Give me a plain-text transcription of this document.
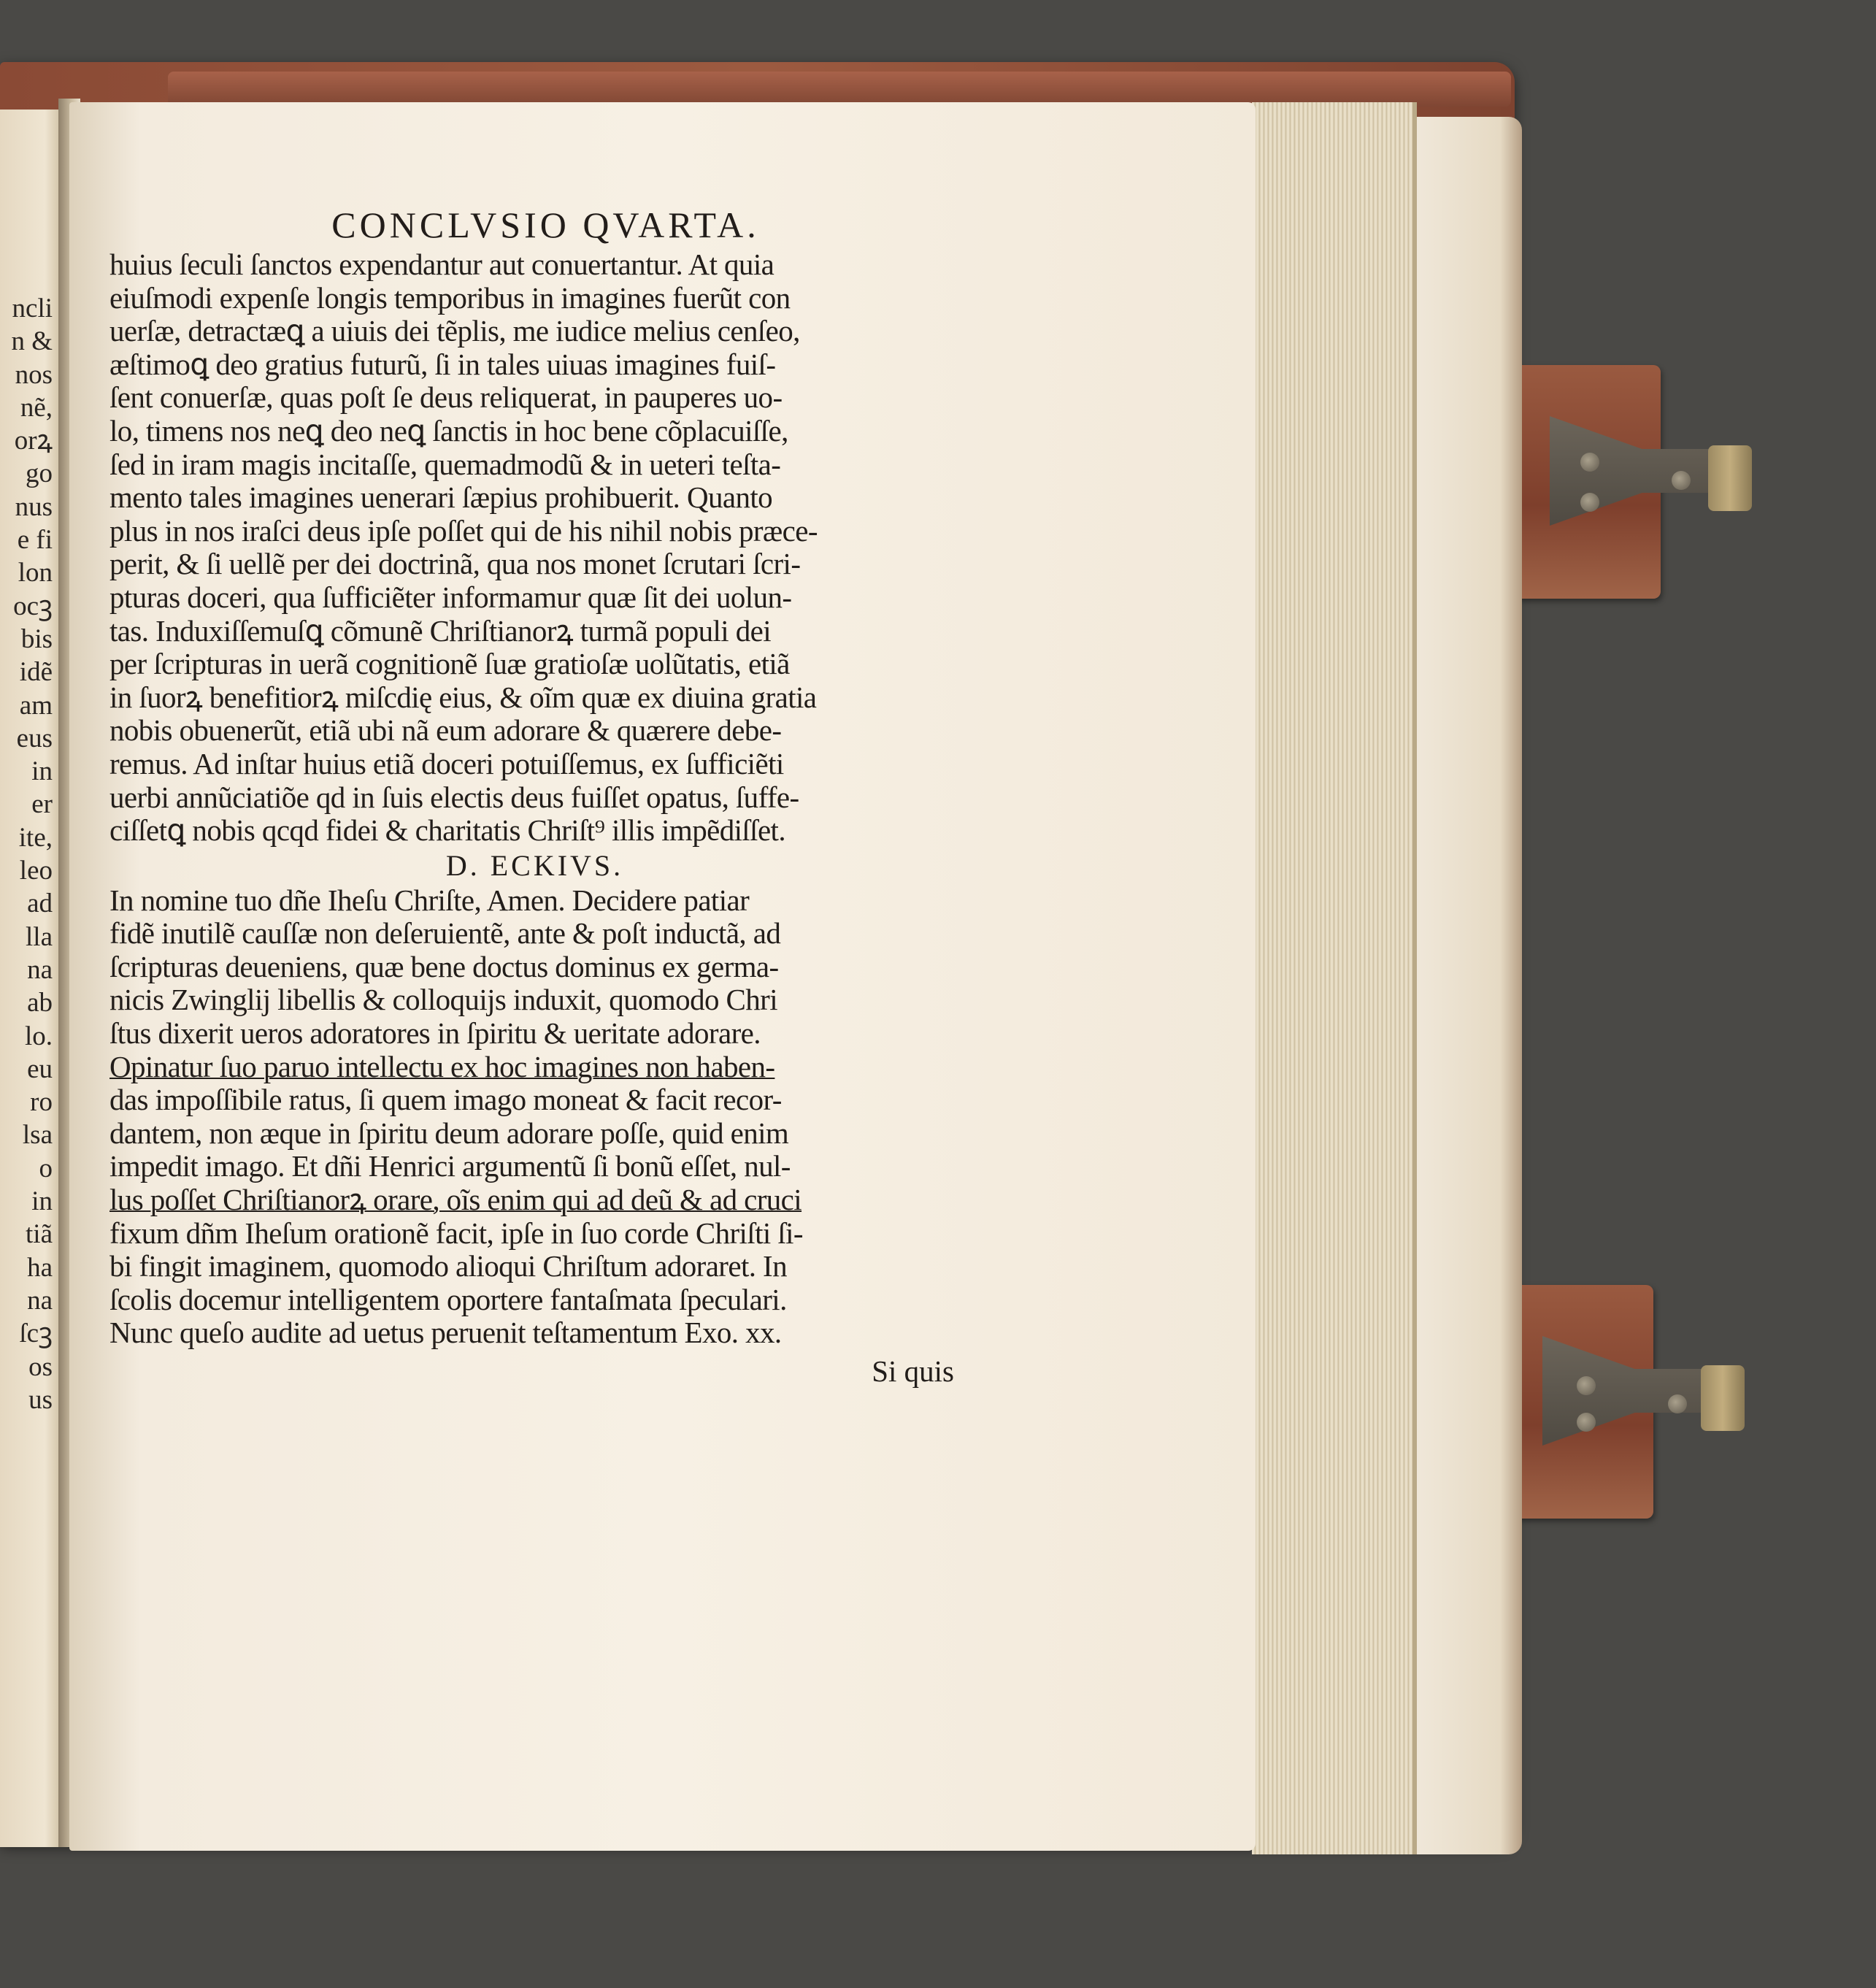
ncli
n &
nos
nẽ,
orꝝ
go
nus
e fi
lon
ocꝫ
bis
idẽ
am
eus
in
er
ite,
leo
ad
lla
na
ab
lo.
eu
ro
lsa
o
in
tiã
ha
na
ſcꝫ
os
us
CONCLVSIO QVARTA.
huius ſeculi ſanctos expendantur aut conuertantur. At quia
eiuſmodi expenſe longis temporibus in imagines fuerũt con
uerſæ, detractæꝗ a uiuis dei tẽplis, me iudice melius cenſeo,
æſtimoꝗ deo gratius futurũ, ſi in tales uiuas imagines fuiſ-
ſent conuerſæ, quas poſt ſe deus reliquerat, in pauperes uo-
lo, timens nos neꝗ deo neꝗ ſanctis in hoc bene cõplacuiſſe,
ſed in iram magis incitaſſe, quemadmodũ & in ueteri teſta-
mento tales imagines uenerari ſæpius prohibuerit. Quanto
plus in nos iraſci deus ipſe poſſet qui de his nihil nobis præce-
perit, & ſi uellẽ per dei doctrinã, qua nos monet ſcrutari ſcri-
pturas doceri, qua ſufficiẽter informamur quæ ſit dei uolun-
tas. Induxiſſemuſꝗ cõmunẽ Chriſtianorꝝ turmã populi dei
per ſcripturas in uerã cognitionẽ ſuæ gratioſæ uolũtatis, etiã
in ſuorꝝ benefitiorꝝ miſcdię eius, & oĩm quæ ex diuina gratia
nobis obuenerũt, etiã ubi nã eum adorare & quærere debe-
remus. Ad inſtar huius etiã doceri potuiſſemus, ex ſufficiẽti
uerbi annũciatiõe qd in ſuis electis deus fuiſſet opatus, ſuffe-
ciſſetꝗ nobis qcqd fidei & charitatis Chriſt⁹ illis impẽdiſſet.
D. ECKIVS.
In nomine tuo dñe Iheſu Chriſte, Amen. Decidere patiar
fidẽ inutilẽ cauſſæ non deſeruientẽ, ante & poſt inductã, ad
ſcripturas deueniens, quæ bene doctus dominus ex germa-
nicis Zwinglij libellis & colloquijs induxit, quomodo Chri
ſtus dixerit ueros adoratores in ſpiritu & ueritate adorare.
Opinatur ſuo paruo intellectu ex hoc imagines non haben-
das impoſſibile ratus, ſi quem imago moneat & facit recor-
dantem, non æque in ſpiritu deum adorare poſſe, quid enim
impedit imago. Et dñi Henrici argumentũ ſi bonũ eſſet, nul-
lus poſſet Chriſtianorꝝ orare, oĩs enim qui ad deũ & ad cruci
fixum dñm Iheſum orationẽ facit, ipſe in ſuo corde Chriſti ſi-
bi fingit imaginem, quomodo alioqui Chriſtum adoraret. In
ſcolis docemur intelligentem oportere fantaſmata ſpeculari.
Nunc queſo audite ad uetus peruenit teſtamentum Exo. xx.
Si quis
